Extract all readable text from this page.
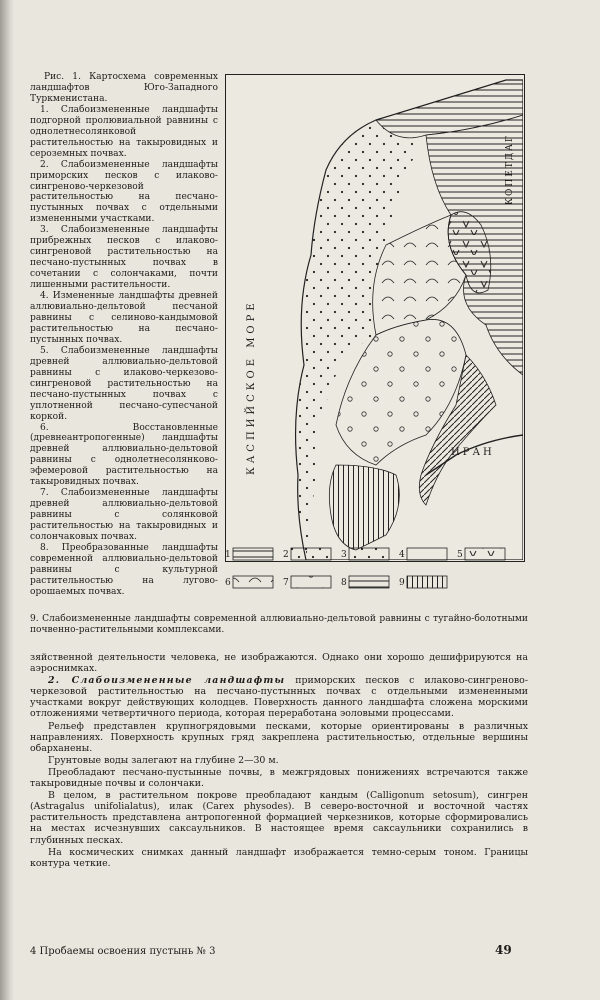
Рис. 1. Картосхема современных ландшафтов Юго-Западного Туркменистана.

1. Слабоизмененные ландшафты подгорной пролювиальной равнины с однолетнесолянковой растительностью на такыровидных и сероземных почвах.

2. Слабоизмененные ландшафты приморских песков с илаково-сингреново-черкезовой растительностью на песчано-пустынных почвах с отдельными измененными участками.

3. Слабоизмененные ландшафты прибрежных песков с илаково-сингреновой растительностью на песчано-пустынных почвах в сочетании с солончаками, почти лишенными растительности.

4. Измененные ландшафты древней аллювиально-дельтовой песчаной равнины с селиново-кандымовой растительностью на песчано-пустынных почвах.

5. Слабоизмененные ландшафты древней аллювиально-дельтовой равнины с илаково-черкезово-сингреновой растительностью на песчано-пустынных почвах с уплотненной песчано-супесчаной коркой.

6. Восстановленные (древнеантропогенные) ландшафты древней аллювиально-дельтовой равнины с однолетнесолянково-эфемеровой растительностью на такыровидных почвах.

7. Слабоизмененные ландшафты древней аллювиально-дельтовой равнины с солянковой растительностью на такыровидных и солончаковых почвах.

8. Преобразованные ландшафты современной аллювиально-дельтовой равнины с культурной растительностью на лугово-орошаемых почвах.

КАСПИЙСКОЕ МОРЕ
КОПЕТДАГ
ИРАН
1	2	3	4	5
6	7	8	9
9. Слабоизмененные ландшафты современной аллювиально-дельтовой равнины с тугайно-болотными почвенно-растительными комплексами.

зяйственной деятельности человека, не изображаются. Однако они хорошо дешифрируются на аэроснимках.

2. Слабоизмененные ландшафты приморских песков с илаково-сингреново-черкезовой растительностью на песчано-пустынных почвах с отдельными измененными участками вокруг действующих колодцев. Поверхность данного ландшафта сложена морскими отложениями четвертичного периода, которая переработана эоловыми процессами.

Рельеф представлен крупногрядовыми песками, которые ориентированы в различных направлениях. Поверхность крупных гряд закреплена растительностью, отдельные вершины обарханены.

Грунтовые воды залегают на глубине 2—30 м.

Преобладают песчано-пустынные почвы, в межгрядовых понижениях встречаются также такыровидные почвы и солончаки.

В целом, в растительном покрове преобладают кандым (Calligonum setosum), сингрен (Astragalus unifolialatus), илак (Carex physodes). В северо-восточной и восточной частях растительность представлена антропогенной формацией черкезников, которые сформировались на местах исчезнувших саксаульников. В настоящее время саксаульники сохранились в глубинных песках.

На космических снимках данный ландшафт изображается темно-серым тоном. Границы контура четкие.

4 Пробаемы освоения пустынь № 3	49
